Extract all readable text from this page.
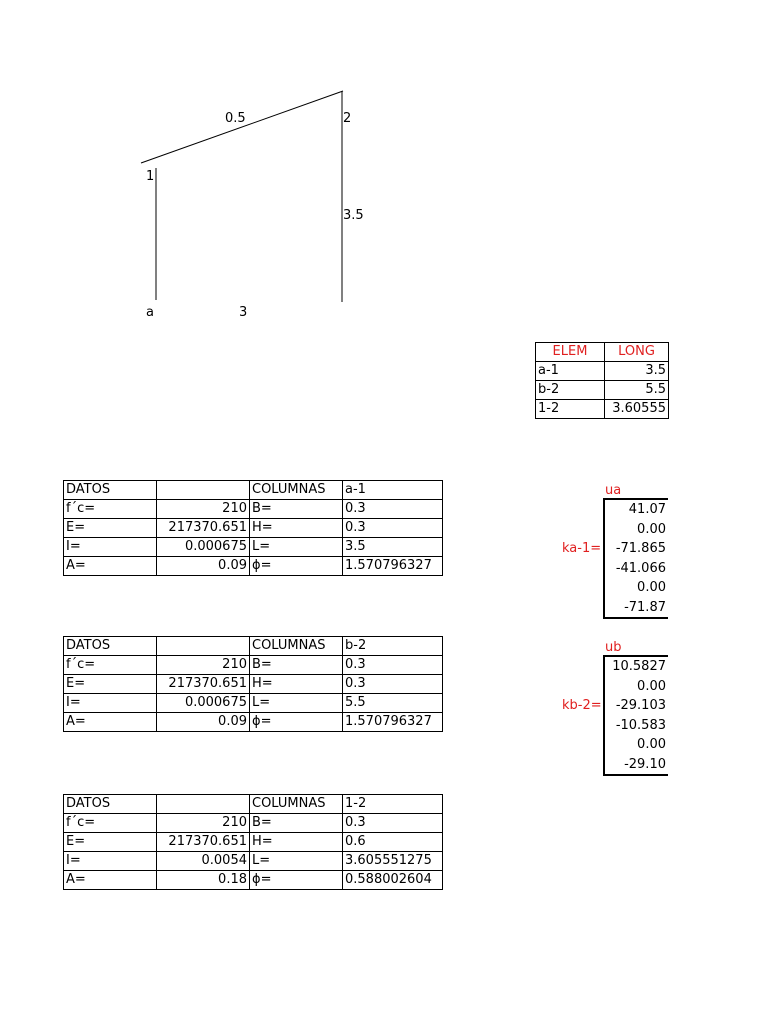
1
2
0.5
3.5
a	3
ELEM	LONG
a-1	3.5
b-2	5.5
1-2	3.60555
DATOS		COLUMNAS	a-1
f´c=	210	B=	0.3
E=	217370.651	H=	0.3
I=	0.000675	L=	3.5
A=	0.09	ϕ=	1.570796327
DATOS		COLUMNAS	b-2
f´c=	210	B=	0.3
E=	217370.651	H=	0.3
I=	0.000675	L=	5.5
A=	0.09	ϕ=	1.570796327
DATOS		COLUMNAS	1-2
f´c=	210	B=	0.3
E=	217370.651	H=	0.6
I=	0.0054	L=	3.605551275
A=	0.18	ϕ=	0.588002604
ua
ka-1=
41.07
0.00
-71.865
-41.066
0.00
-71.87
ub
kb-2=
10.5827
0.00
-29.103
-10.583
0.00
-29.10
